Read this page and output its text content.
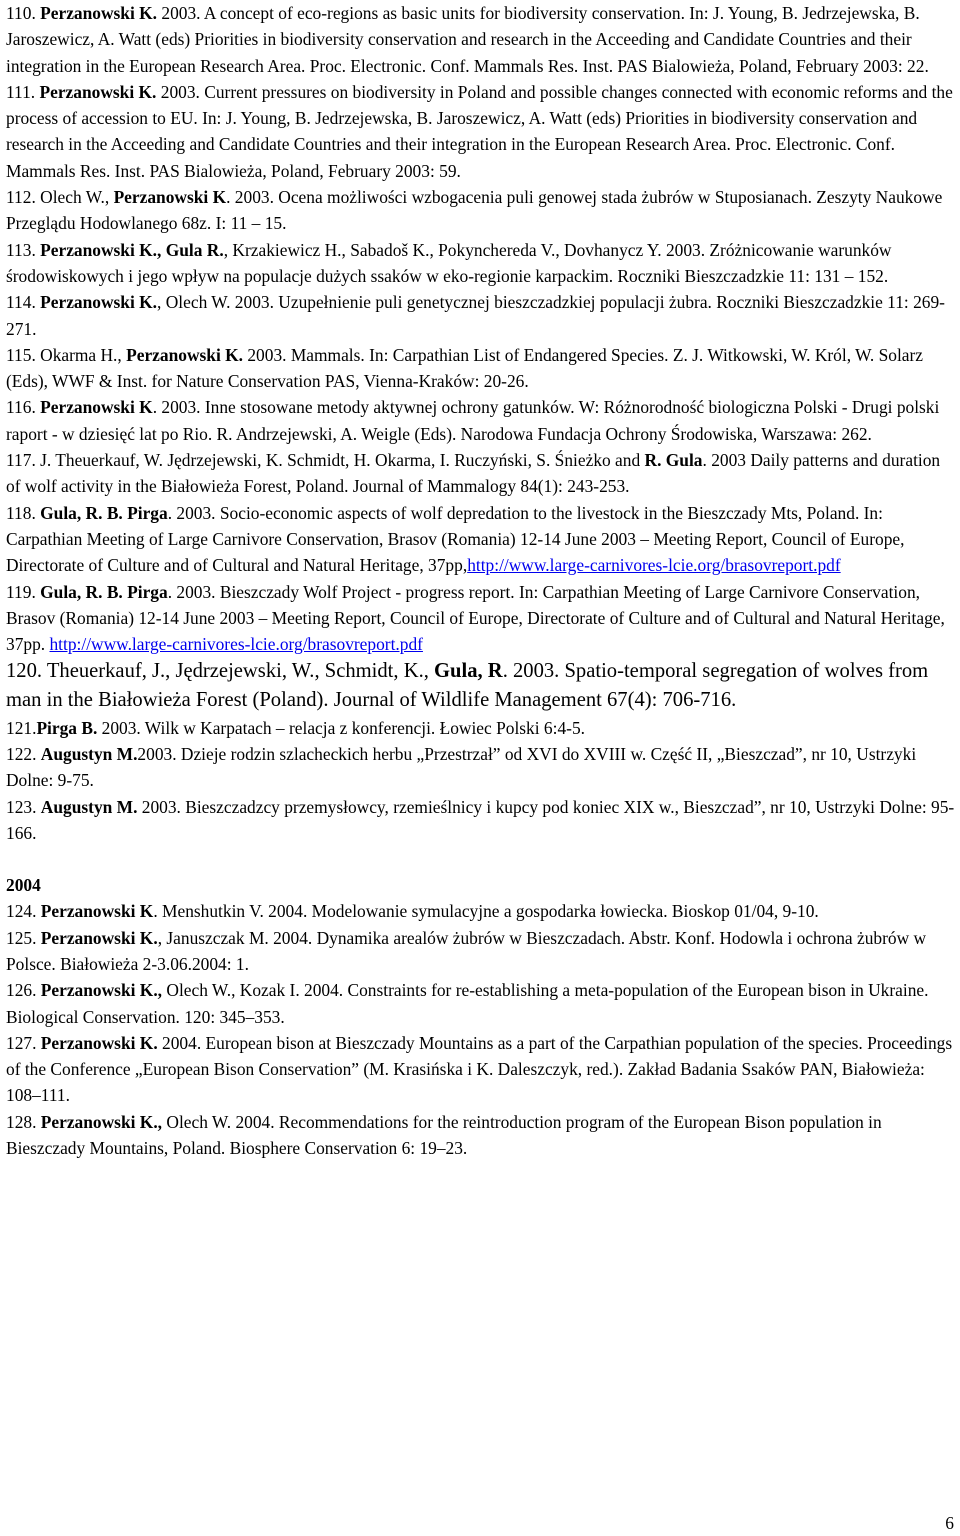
110. Perzanowski K. 2003. A concept of eco-regions as basic units for biodiversity conservation. In: J. Young, B. Jedrzejewska, B. Jaroszewicz, A. Watt (eds) Priorities in biodiversity conservation and research in the Acceeding and Candidate Countries and their integration in the European Research Area. Proc. Electronic. Conf. Mammals Res. Inst. PAS Bialowieża, Poland, February 2003: 22.

111. Perzanowski K. 2003. Current pressures on biodiversity in Poland and possible changes connected with economic reforms and the process of accession to EU. In: J. Young, B. Jedrzejewska, B. Jaroszewicz, A. Watt (eds) Priorities in biodiversity conservation and research in the Acceeding and Candidate Countries and their integration in the European Research Area. Proc. Electronic. Conf. Mammals Res. Inst. PAS Bialowieża, Poland, February 2003: 59.

112. Olech W., Perzanowski K. 2003. Ocena możliwości wzbogacenia puli genowej stada żubrów w Stuposianach. Zeszyty Naukowe Przeglądu Hodowlanego 68z. I: 11 – 15.

113. Perzanowski K., Gula R., Krzakiewicz H., Sabadoš K., Pokynchereda V., Dovhanycz Y. 2003. Zróżnicowanie warunków środowiskowych i jego wpływ na populacje dużych ssaków w eko-regionie karpackim. Roczniki Bieszczadzkie 11: 131 – 152.

114. Perzanowski K., Olech W. 2003. Uzupełnienie puli genetycznej bieszczadzkiej populacji żubra. Roczniki Bieszczadzkie 11: 269-271.

115. Okarma H., Perzanowski K. 2003. Mammals. In: Carpathian List of Endangered Species. Z. J. Witkowski, W. Król, W. Solarz (Eds), WWF & Inst. for Nature Conservation PAS, Vienna-Kraków: 20-26.

116. Perzanowski K. 2003. Inne stosowane metody aktywnej ochrony gatunków. W: Różnorodność biologiczna Polski - Drugi polski raport - w dziesięć lat po Rio. R. Andrzejewski, A. Weigle (Eds). Narodowa Fundacja Ochrony Środowiska, Warszawa: 262.

117. J. Theuerkauf, W. Jędrzejewski, K. Schmidt, H. Okarma, I. Ruczyński, S. Śnieżko and R. Gula. 2003 Daily patterns and duration of wolf activity in the Białowieża Forest, Poland. Journal of Mammalogy 84(1): 243-253.

118. Gula, R. B. Pirga. 2003. Socio-economic aspects of wolf depredation to the livestock in the Bieszczady Mts, Poland. In: Carpathian Meeting of Large Carnivore Conservation, Brasov (Romania) 12-14 June 2003 – Meeting Report, Council of Europe, Directorate of Culture and of Cultural and Natural Heritage, 37pp,http://www.large-carnivores-lcie.org/brasovreport.pdf

119. Gula, R. B. Pirga. 2003. Bieszczady Wolf Project - progress report. In: Carpathian Meeting of Large Carnivore Conservation, Brasov (Romania) 12-14 June 2003 – Meeting Report, Council of Europe, Directorate of Culture and of Cultural and Natural Heritage, 37pp. http://www.large-carnivores-lcie.org/brasovreport.pdf

120. Theuerkauf, J., Jędrzejewski, W., Schmidt, K., Gula, R. 2003. Spatio-temporal segregation of wolves from man in the Białowieża Forest (Poland). Journal of Wildlife Management 67(4): 706-716.

121.Pirga B. 2003. Wilk w Karpatach – relacja z konferencji. Łowiec Polski 6:4-5.

122. Augustyn M.2003. Dzieje rodzin szlacheckich herbu „Przestrzał” od XVI do XVIII w. Część II, „Bieszczad”, nr 10, Ustrzyki Dolne: 9-75.

123. Augustyn M. 2003. Bieszczadzcy przemysłowcy, rzemieślnicy i kupcy pod koniec XIX w., Bieszczad”, nr 10, Ustrzyki Dolne: 95-166.

2004

124. Perzanowski K. Menshutkin V. 2004. Modelowanie symulacyjne a gospodarka łowiecka. Bioskop 01/04, 9-10.

125. Perzanowski K., Januszczak M. 2004. Dynamika arealów żubrów w Bieszczadach. Abstr. Konf. Hodowla i ochrona żubrów w Polsce. Białowieża 2-3.06.2004: 1.

126. Perzanowski K., Olech W., Kozak I. 2004. Constraints for re-establishing a meta-population of the European bison in Ukraine. Biological Conservation. 120: 345–353.

127. Perzanowski K. 2004. European bison at Bieszczady Mountains as a part of the Carpathian population of the species. Proceedings of the Conference „European Bison Conservation” (M. Krasińska i K. Daleszczyk, red.). Zakład Badania Ssaków PAN, Białowieża: 108–111.

128. Perzanowski K., Olech W. 2004. Recommendations for the reintroduction program of the European Bison population in Bieszczady Mountains, Poland. Biosphere Conservation 6: 19–23.

6
